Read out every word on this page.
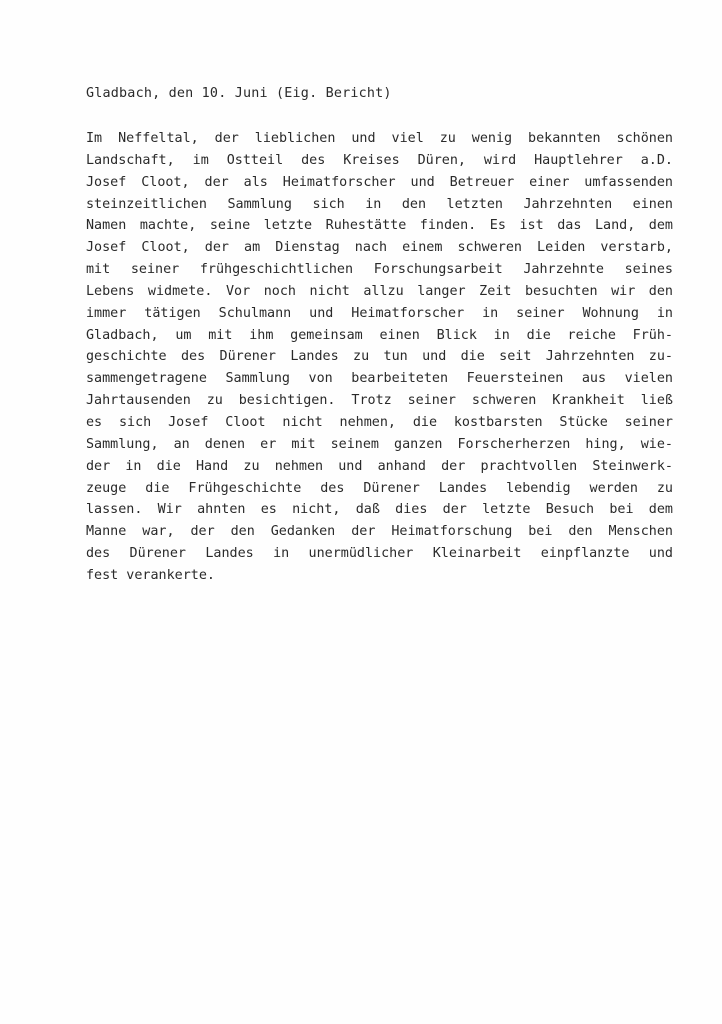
Gladbach, den 10. Juni (Eig. Bericht)
Im Neffeltal, der lieblichen und viel zu wenig bekannten schönen
Landschaft, im Ostteil des Kreises Düren, wird Hauptlehrer a.D.
Josef Cloot, der als Heimatforscher und Betreuer einer umfassenden
steinzeitlichen Sammlung sich in den letzten Jahrzehnten einen
Namen machte, seine letzte Ruhestätte finden. Es ist das Land, dem
Josef Cloot, der am Dienstag nach einem schweren Leiden verstarb,
mit seiner frühgeschichtlichen Forschungsarbeit Jahrzehnte seines
Lebens widmete. Vor noch nicht allzu langer Zeit besuchten wir den
immer tätigen Schulmann und Heimatforscher in seiner Wohnung in
Gladbach, um mit ihm gemeinsam einen Blick in die reiche Früh-
geschichte des Dürener Landes zu tun und die seit Jahrzehnten zu-
sammengetragene Sammlung von bearbeiteten Feuersteinen aus vielen
Jahrtausenden zu besichtigen. Trotz seiner schweren Krankheit ließ
es sich Josef Cloot nicht nehmen, die kostbarsten Stücke seiner
Sammlung, an denen er mit seinem ganzen Forscherherzen hing, wie-
der in die Hand zu nehmen und anhand der prachtvollen Steinwerk-
zeuge die Frühgeschichte des Dürener Landes lebendig werden zu
lassen. Wir ahnten es nicht, daß dies der letzte Besuch bei dem
Manne war, der den Gedanken der Heimatforschung bei den Menschen
des Dürener Landes in unermüdlicher Kleinarbeit einpflanzte und
fest verankerte.
